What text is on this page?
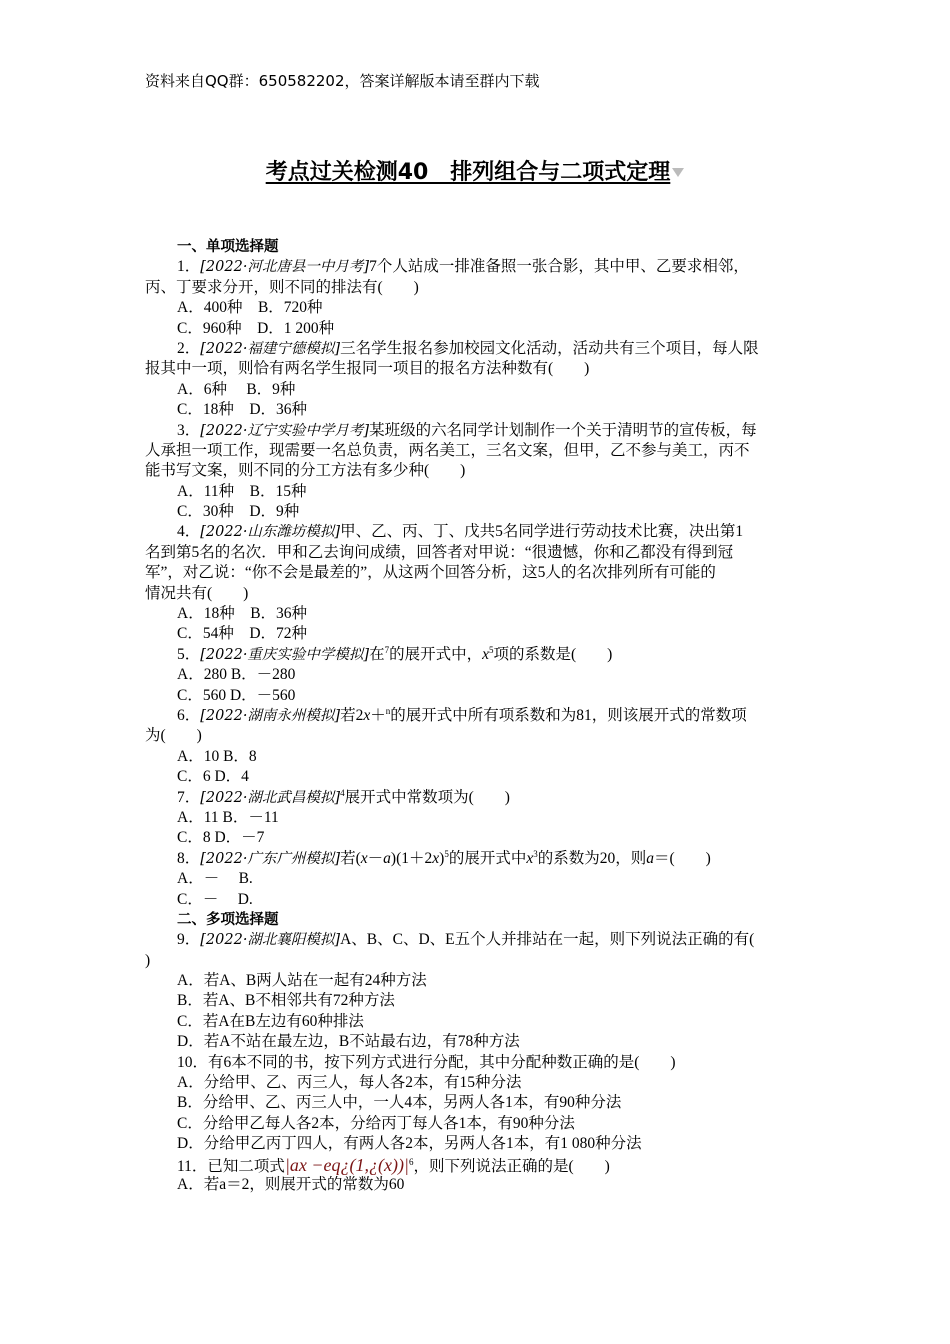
资料来自QQ群：650582202，答案详解版本请至群内下载
考点过关检测40　排列组合与二项式定理
一、单项选择题
1．[2022·河北唐县一中月考]7个人站成一排准备照一张合影，其中甲、乙要求相邻，
丙、丁要求分开，则不同的排法有(　　)
A．400种　B．720种
C．960种　D．1 200种
2．[2022·福建宁德模拟]三名学生报名参加校园文化活动，活动共有三个项目，每人限
报其中一项，则恰有两名学生报同一项目的报名方法种数有(　　)
A．6种　 B．9种
C．18种　D．36种
3．[2022·辽宁实验中学月考]某班级的六名同学计划制作一个关于清明节的宣传板，每
人承担一项工作，现需要一名总负责，两名美工，三名文案，但甲，乙不参与美工，丙不
能书写文案，则不同的分工方法有多少种(　　)
A．11种　B．15种
C．30种　D．9种
4．[2022·山东潍坊模拟]甲、乙、丙、丁、戊共5名同学进行劳动技术比赛，决出第1
名到第5名的名次．甲和乙去询问成绩，回答者对甲说：“很遗憾，你和乙都没有得到冠
军”，对乙说：“你不会是最差的”，从这两个回答分析，这5人的名次排列所有可能的
情况共有(　　)
A．18种　B．36种
C．54种　D．72种
5．[2022·重庆实验中学模拟]在$^7$的展开式中，$x^5$项的系数是(　　)
A．280 B．－280
C．560 D．－560
6．[2022·湖南永州模拟]若2x＋$^n$的展开式中所有项系数和为81，则该展开式的常数项
为(　　)
A．10 B．8
C．6 D．4
7．[2022·湖北武昌模拟]$^4$展开式中常数项为(　　)
A．11 B．－11
C．8 D．－7
8．[2022·广东广州模拟]若$(x-a)(1+2x)^5$的展开式中$x^3$的系数为20，则a＝(　　)
A．－　 B.
C．－　 D.
二、多项选择题
9．[2022·湖北襄阳模拟]A、B、C、D、E五个人并排站在一起，则下列说法正确的有(
)
A．若A、B两人站在一起有24种方法
B．若A、B不相邻共有72种方法
C．若A在B左边有60种排法
D．若A不站在最左边，B不站最右边，有78种方法
10．有6本不同的书，按下列方式进行分配，其中分配种数正确的是(　　)
A．分给甲、乙、丙三人，每人各2本，有15种分法
B．分给甲、乙、丙三人中，一人4本，另两人各1本，有90种分法
C．分给甲乙每人各2本，分给丙丁每人各1本，有90种分法
D．分给甲乙丙丁四人，有两人各2本，另两人各1本，有1 080种分法
11．已知二项式$|ax -eq¿(1,¿(x))|^6$，则下列说法正确的是(　　)
A．若a＝2，则展开式的常数为60
